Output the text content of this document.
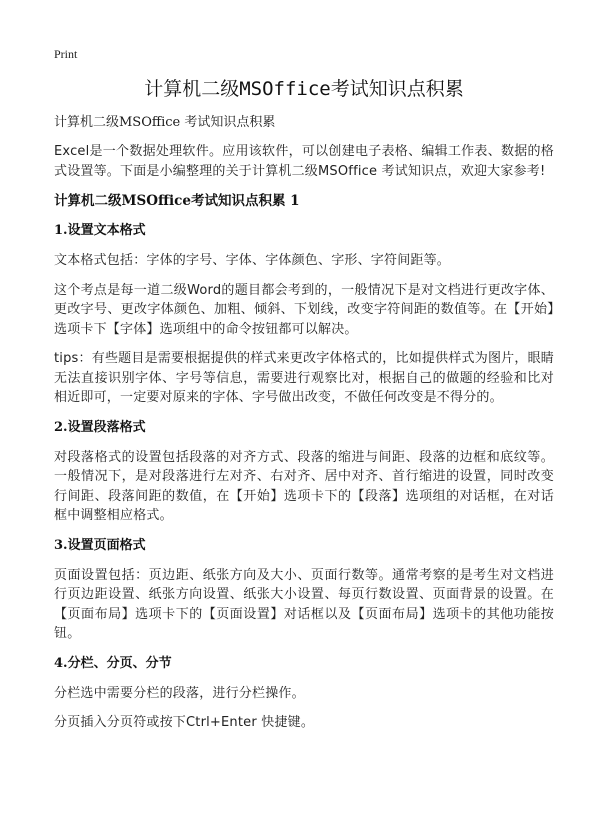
Print
计算机二级MSOffice考试知识点积累
计算机二级MSOffice 考试知识点积累

Excel是一个数据处理软件。应用该软件，可以创建电子表格、编辑工作表、数据的格式设置等。下面是小编整理的关于计算机二级MSOffice 考试知识点，欢迎大家参考!

计算机二级MSOffice考试知识点积累 1
1.设置文本格式

文本格式包括：字体的字号、字体、字体颜色、字形、字符间距等。

这个考点是每一道二级Word的题目都会考到的，一般情况下是对文档进行更改字体、更改字号、更改字体颜色、加粗、倾斜、下划线，改变字符间距的数值等。在【开始】选项卡下【字体】选项组中的命令按钮都可以解决。

tips：有些题目是需要根据提供的样式来更改字体格式的，比如提供样式为图片，眼睛无法直接识别字体、字号等信息，需要进行观察比对，根据自己的做题的经验和比对相近即可，一定要对原来的字体、字号做出改变，不做任何改变是不得分的。

2.设置段落格式

对段落格式的设置包括段落的对齐方式、段落的缩进与间距、段落的边框和底纹等。一般情况下，是对段落进行左对齐、右对齐、居中对齐、首行缩进的设置，同时改变行间距、段落间距的数值，在【开始】选项卡下的【段落】选项组的对话框，在对话框中调整相应格式。

3.设置页面格式

页面设置包括：页边距、纸张方向及大小、页面行数等。通常考察的是考生对文档进行页边距设置、纸张方向设置、纸张大小设置、每页行数设置、页面背景的设置。在【页面布局】选项卡下的【页面设置】对话框以及【页面布局】选项卡的其他功能按钮。

4.分栏、分页、分节

分栏选中需要分栏的段落，进行分栏操作。

分页插入分页符或按下Ctrl+Enter 快捷键。
